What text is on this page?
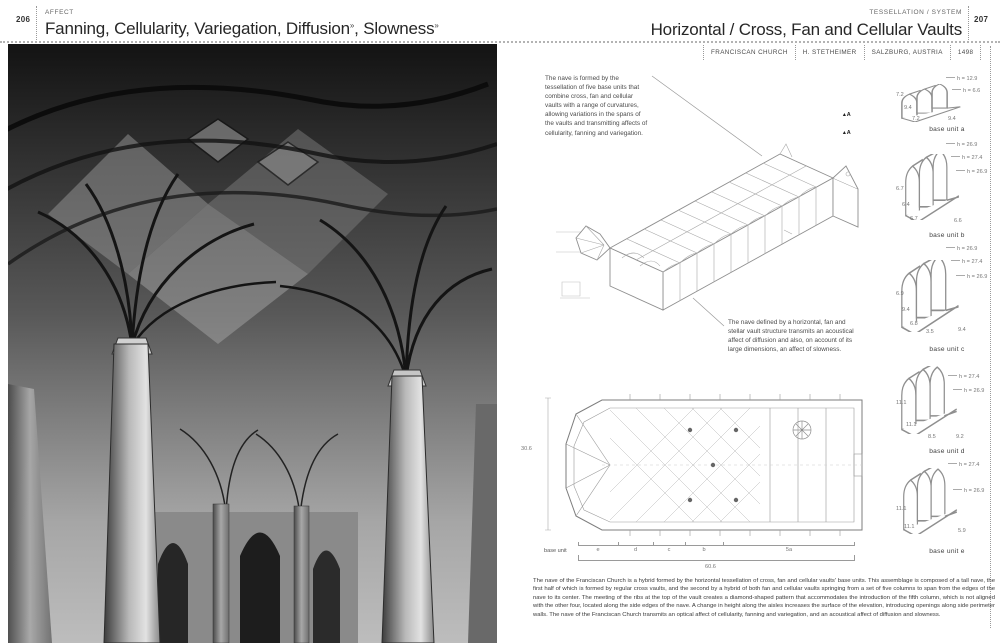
206
AFFECT
Fanning, Cellularity, Variegation, Diffusion», Slowness»
TESSELLATION / SYSTEM
207
Horizontal / Cross, Fan and Cellular Vaults
FRANCISCAN CHURCH	H. STETHEIMER	SALZBURG, AUSTRIA	1498
The nave is formed by the tessellation of five base units that combine cross, fan and cellular vaults with a range of curvatures, allowing variations in the spans of the vaults and transmitting affects of cellularity, fanning and variegation.
▴A
▴A
The nave defined by a horizontal, fan and stellar vault structure transmits an acoustical affect of diffusion and also, on account of its large dimensions, an affect of slowness.
30.6
base unit	e	d	c	b	5a
60.6
h = 12.9
h = 6.6
7.2
9.4
7.2	9.4
base unit a
h = 26.9
h = 27.4
h = 26.9
6.7
6.4
6.7	6.6
base unit b
h = 26.9
h = 27.4
h = 26.9
6.9
9.4
6.8
3.5	9.4
base unit c
h = 27.4
h = 26.9
11.1
11.1
8.5	9.2
base unit d
h = 27.4
h = 26.9
11.1
11.1
5.9
base unit e
The nave of the Franciscan Church is a hybrid formed by the horizontal tessellation of cross, fan and cellular vaults' base units. This assemblage is composed of a tall nave, the first half of which is formed by regular cross vaults, and the second by a hybrid of both fan and cellular vaults springing from a set of five columns to span from the edges of the nave to its center. The meeting of the ribs at the top of the vault creates a diamond-shaped pattern that accommodates the introduction of the fifth column, which is not aligned with the other four, located along the side edges of the nave. A change in height along the aisles increases the surface of the elevation, introducing openings along side perimeter walls. The nave of the Franciscan Church transmits an optical affect of cellularity, fanning and variegation, and an acoustical affect of diffusion and slowness.
